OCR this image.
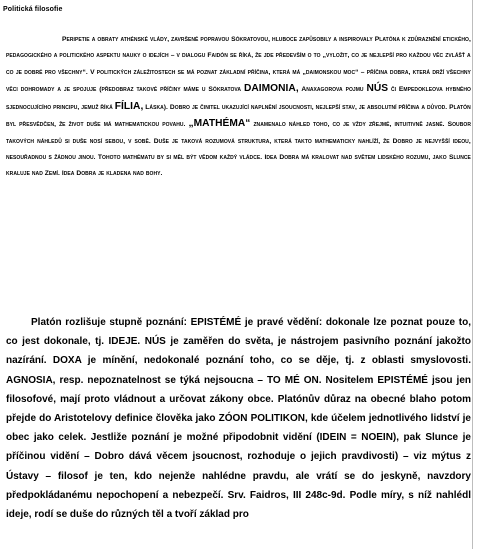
Politická filosofie

Peripetie a obraty athénské vlády, završené popravou Sókratovou, hluboce zapůsobily a inspirovaly Platóna k zdůraznění etického, pedagogického a politického aspektu nauky o idejích – v dialogu Faidón se říká, že jde především o to „vyložit, co je nejlepší pro každou věc zvlášť a co je dobré pro všechny“. V politických záležitostech se má poznat základní příčina, která má „daimonskou moc“ – příčina dobra, která drží všechny věci dohromady a je spojuje (předobraz takové příčiny máme u Sókratova DAIMONIA, Anaxagorova pojmu NÚS či Empedokleova hybného sjednocujícího principu, jemuž říká FÍLIA, Láska). Dobro je činitel ukazující naplnění jsoucnosti, nejlepší stav, je absolutní příčina a důvod. Platón byl přesvědčen, že život duše má mathematickou povahu. „MATHÉMA“ znamenalo náhled toho, co je vždy zřejmé, intuitivně jasné. Soubor takových náhledů si duše nosí sebou, v sobě. Duše je taková rozumová struktura, která takto mathematicky nahlíží, že Dobro je nejvyšší ideou, nesouřadnou s žádnou jinou. Tohoto mathématu by si měl být vědom každý vládce. Idea Dobra má kralovat nad světem lidského rozumu, jako Slunce kraluje nad Zemí. Idea Dobra je kladena nad bohy.

Platón rozlišuje stupně poznání: EPISTÉMÉ je pravé vědění: dokonale lze poznat pouze to, co jest dokonale, tj. IDEJE. NÚS je zaměřen do světa, je nástrojem pasivního poznání jakožto nazírání. DOXA je mínění, nedokonalé poznání toho, co se děje, tj. z oblasti smyslovosti. AGNOSIA, resp. nepoznatelnost se týká nejsoucna – TO MÉ ON. Nositelem EPISTÉMÉ jsou jen filosofové, mají proto vládnout a určovat zákony obce. Platónův důraz na obecné blaho potom přejde do Aristotelovy definice člověka jako ZÓON POLITIKON, kde účelem jednotlivého lidství je obec jako celek. Jestliže poznání je možné připodobnit vidění (IDEIN = NOEIN), pak Slunce je příčinou vidění – Dobro dává věcem jsoucnost, rozhoduje o jejich pravdivosti) – viz mýtus z Ústavy – filosof je ten, kdo nejenže nahlédne pravdu, ale vrátí se do jeskyně, navzdory předpokládanému nepochopení a nebezpečí. Srv. Faidros, III 248c-9d. Podle míry, s níž nahlédl ideje, rodí se duše do různých těl a tvoří základ pro
